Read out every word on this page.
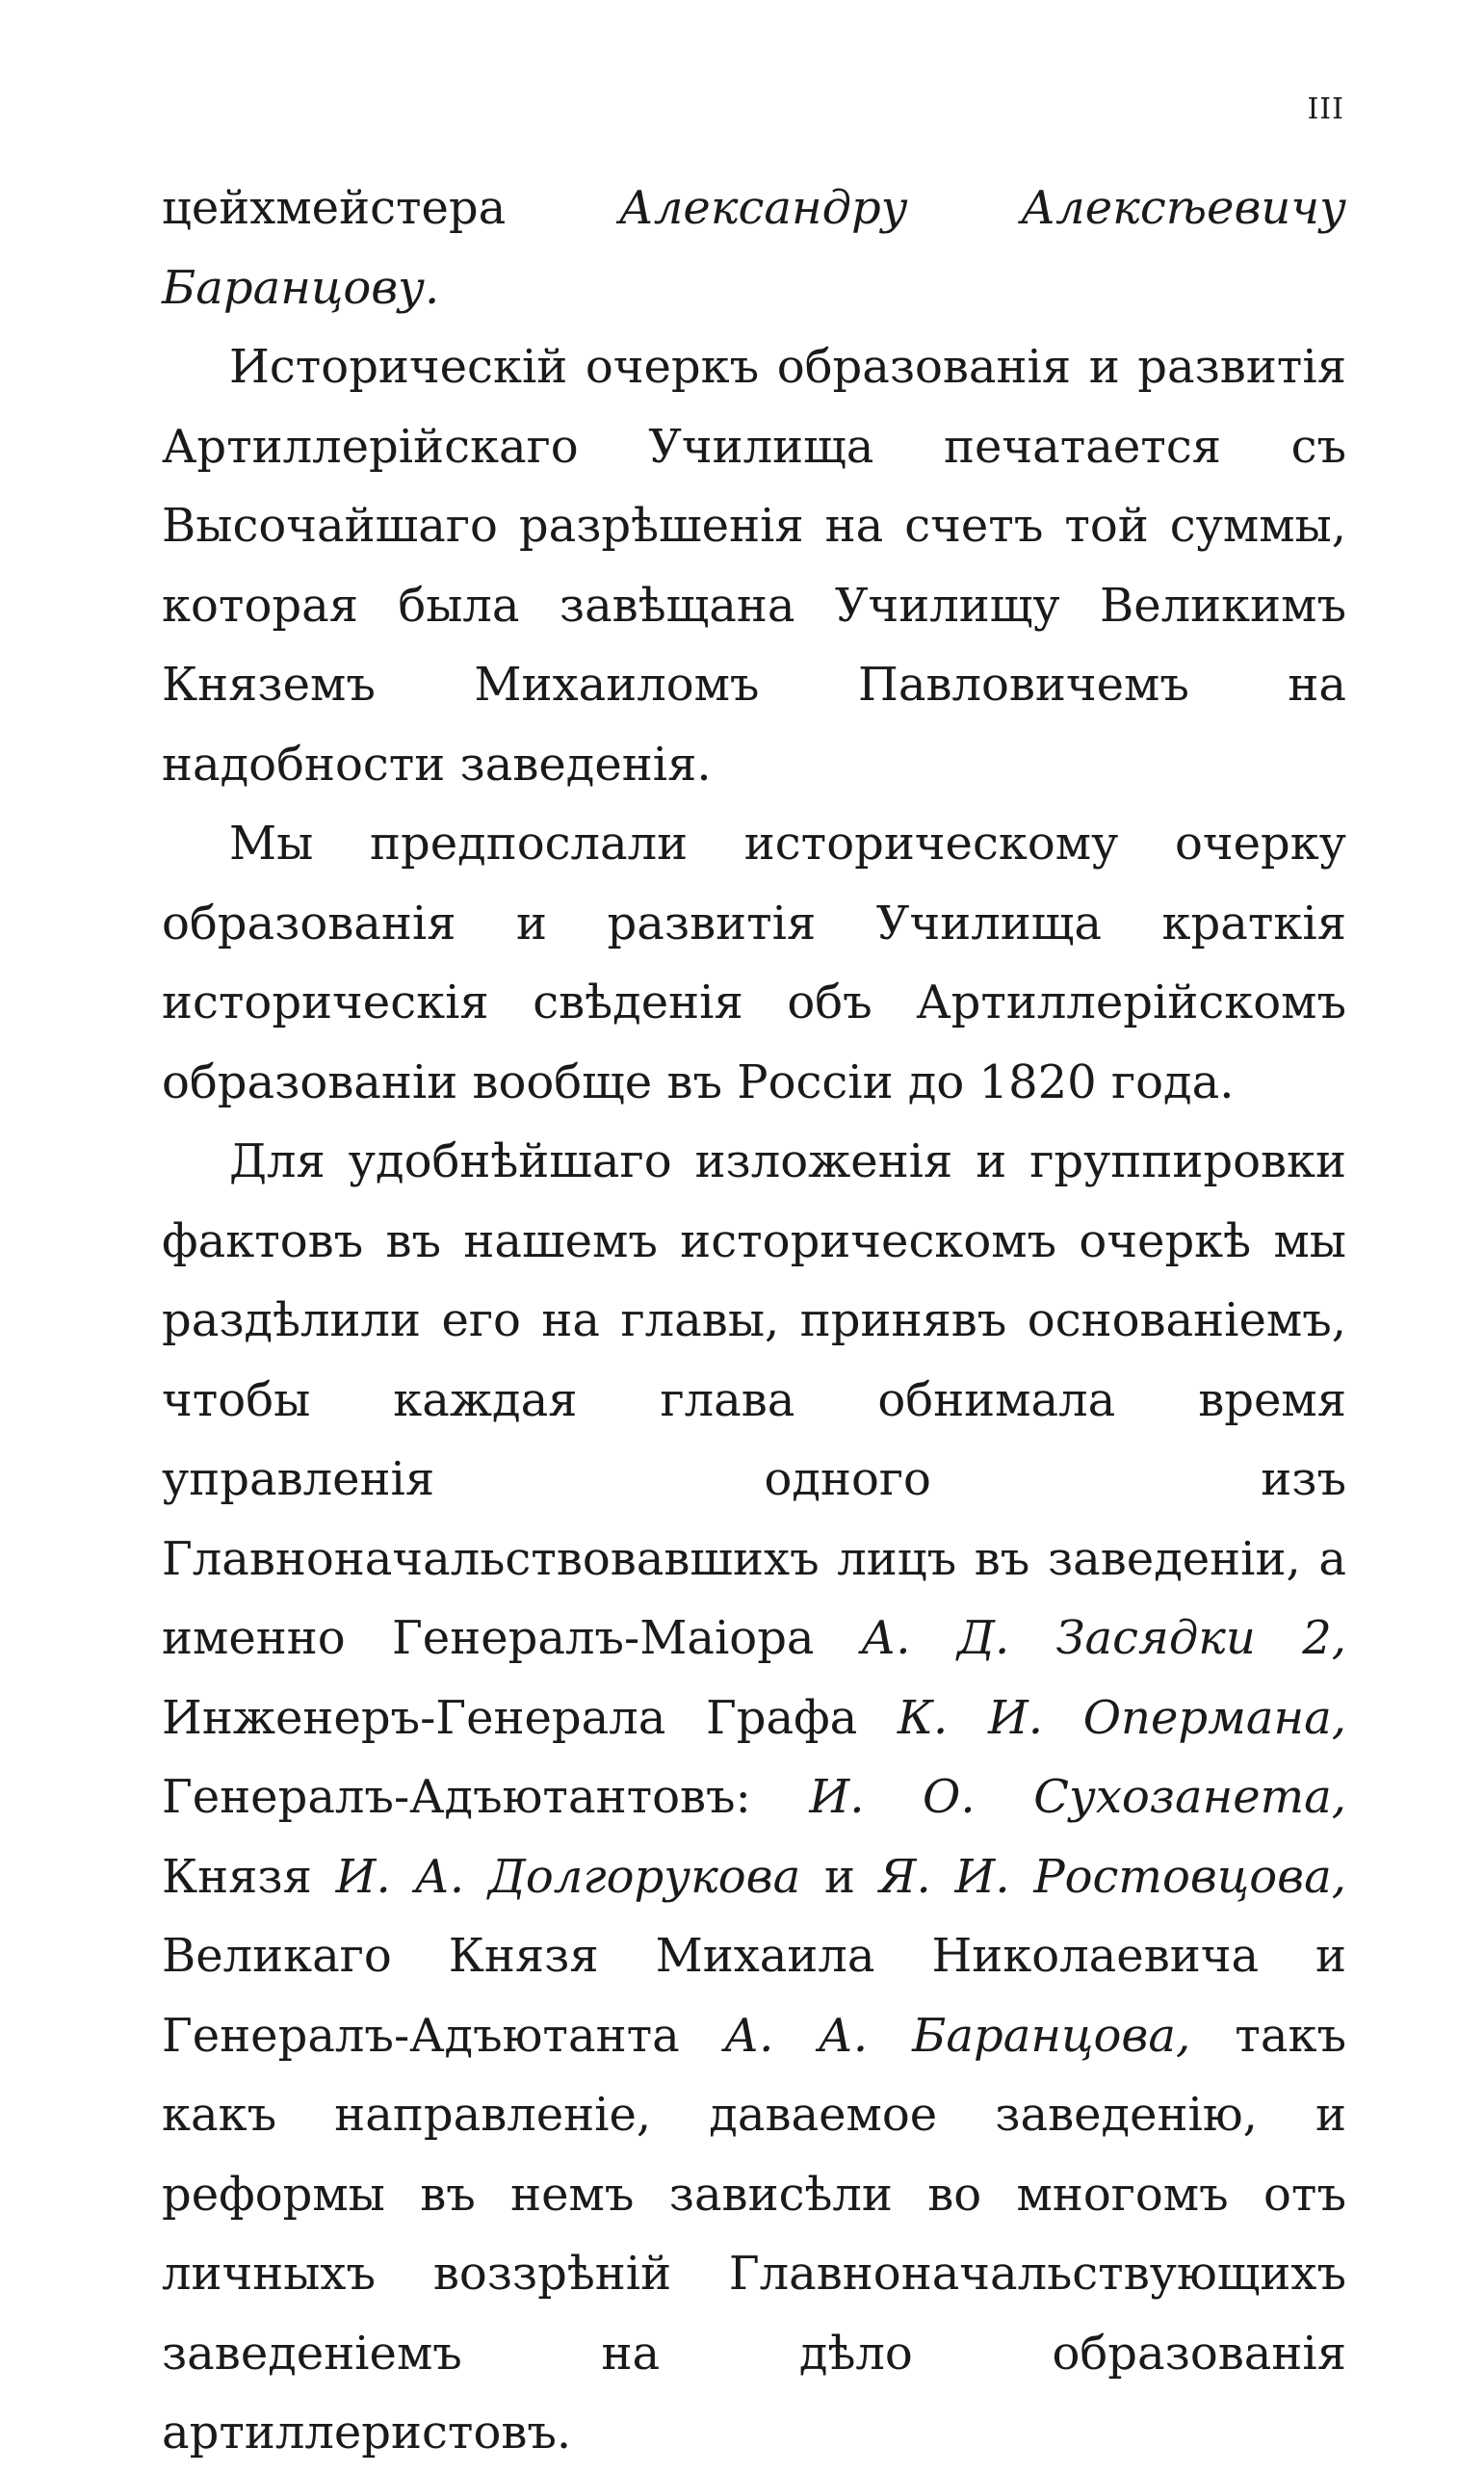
III

цейхмейстера Александру Алексѣевичу Баранцову.

Историческій очеркъ образованія и развитія Артиллерійскаго Училища печатается съ Высочайшаго разрѣшенія на счетъ той суммы, которая была завѣщана Училищу Великимъ Княземъ Михаиломъ Павловичемъ на надобности заведенія.

Мы предпослали историческому очерку образованія и развитія Училища краткія историческія свѣденія объ Артиллерійскомъ образованіи вообще въ Россіи до 1820 года.

Для удобнѣйшаго изложенія и группировки фактовъ въ нашемъ историческомъ очеркѣ мы раздѣлили его на главы, принявъ основаніемъ, чтобы каждая глава обнимала время управленія одного изъ Главноначальствовавшихъ лицъ въ заведеніи, а именно Генералъ-Маіора А. Д. Засядки 2, Инженеръ-Генерала Графа К. И. Опермана, Генералъ-Адъютантовъ: И. О. Сухозанета, Князя И. А. Долгорукова и Я. И. Ростовцова, Великаго Князя Михаила Николаевича и Генералъ-Адъютанта А. А. Баранцова, такъ какъ направленіе, даваемое заведенію, и реформы въ немъ зависѣли во многомъ отъ личныхъ воззрѣній Главноначальствующихъ заведеніемъ на дѣло образованія артиллеристовъ.
